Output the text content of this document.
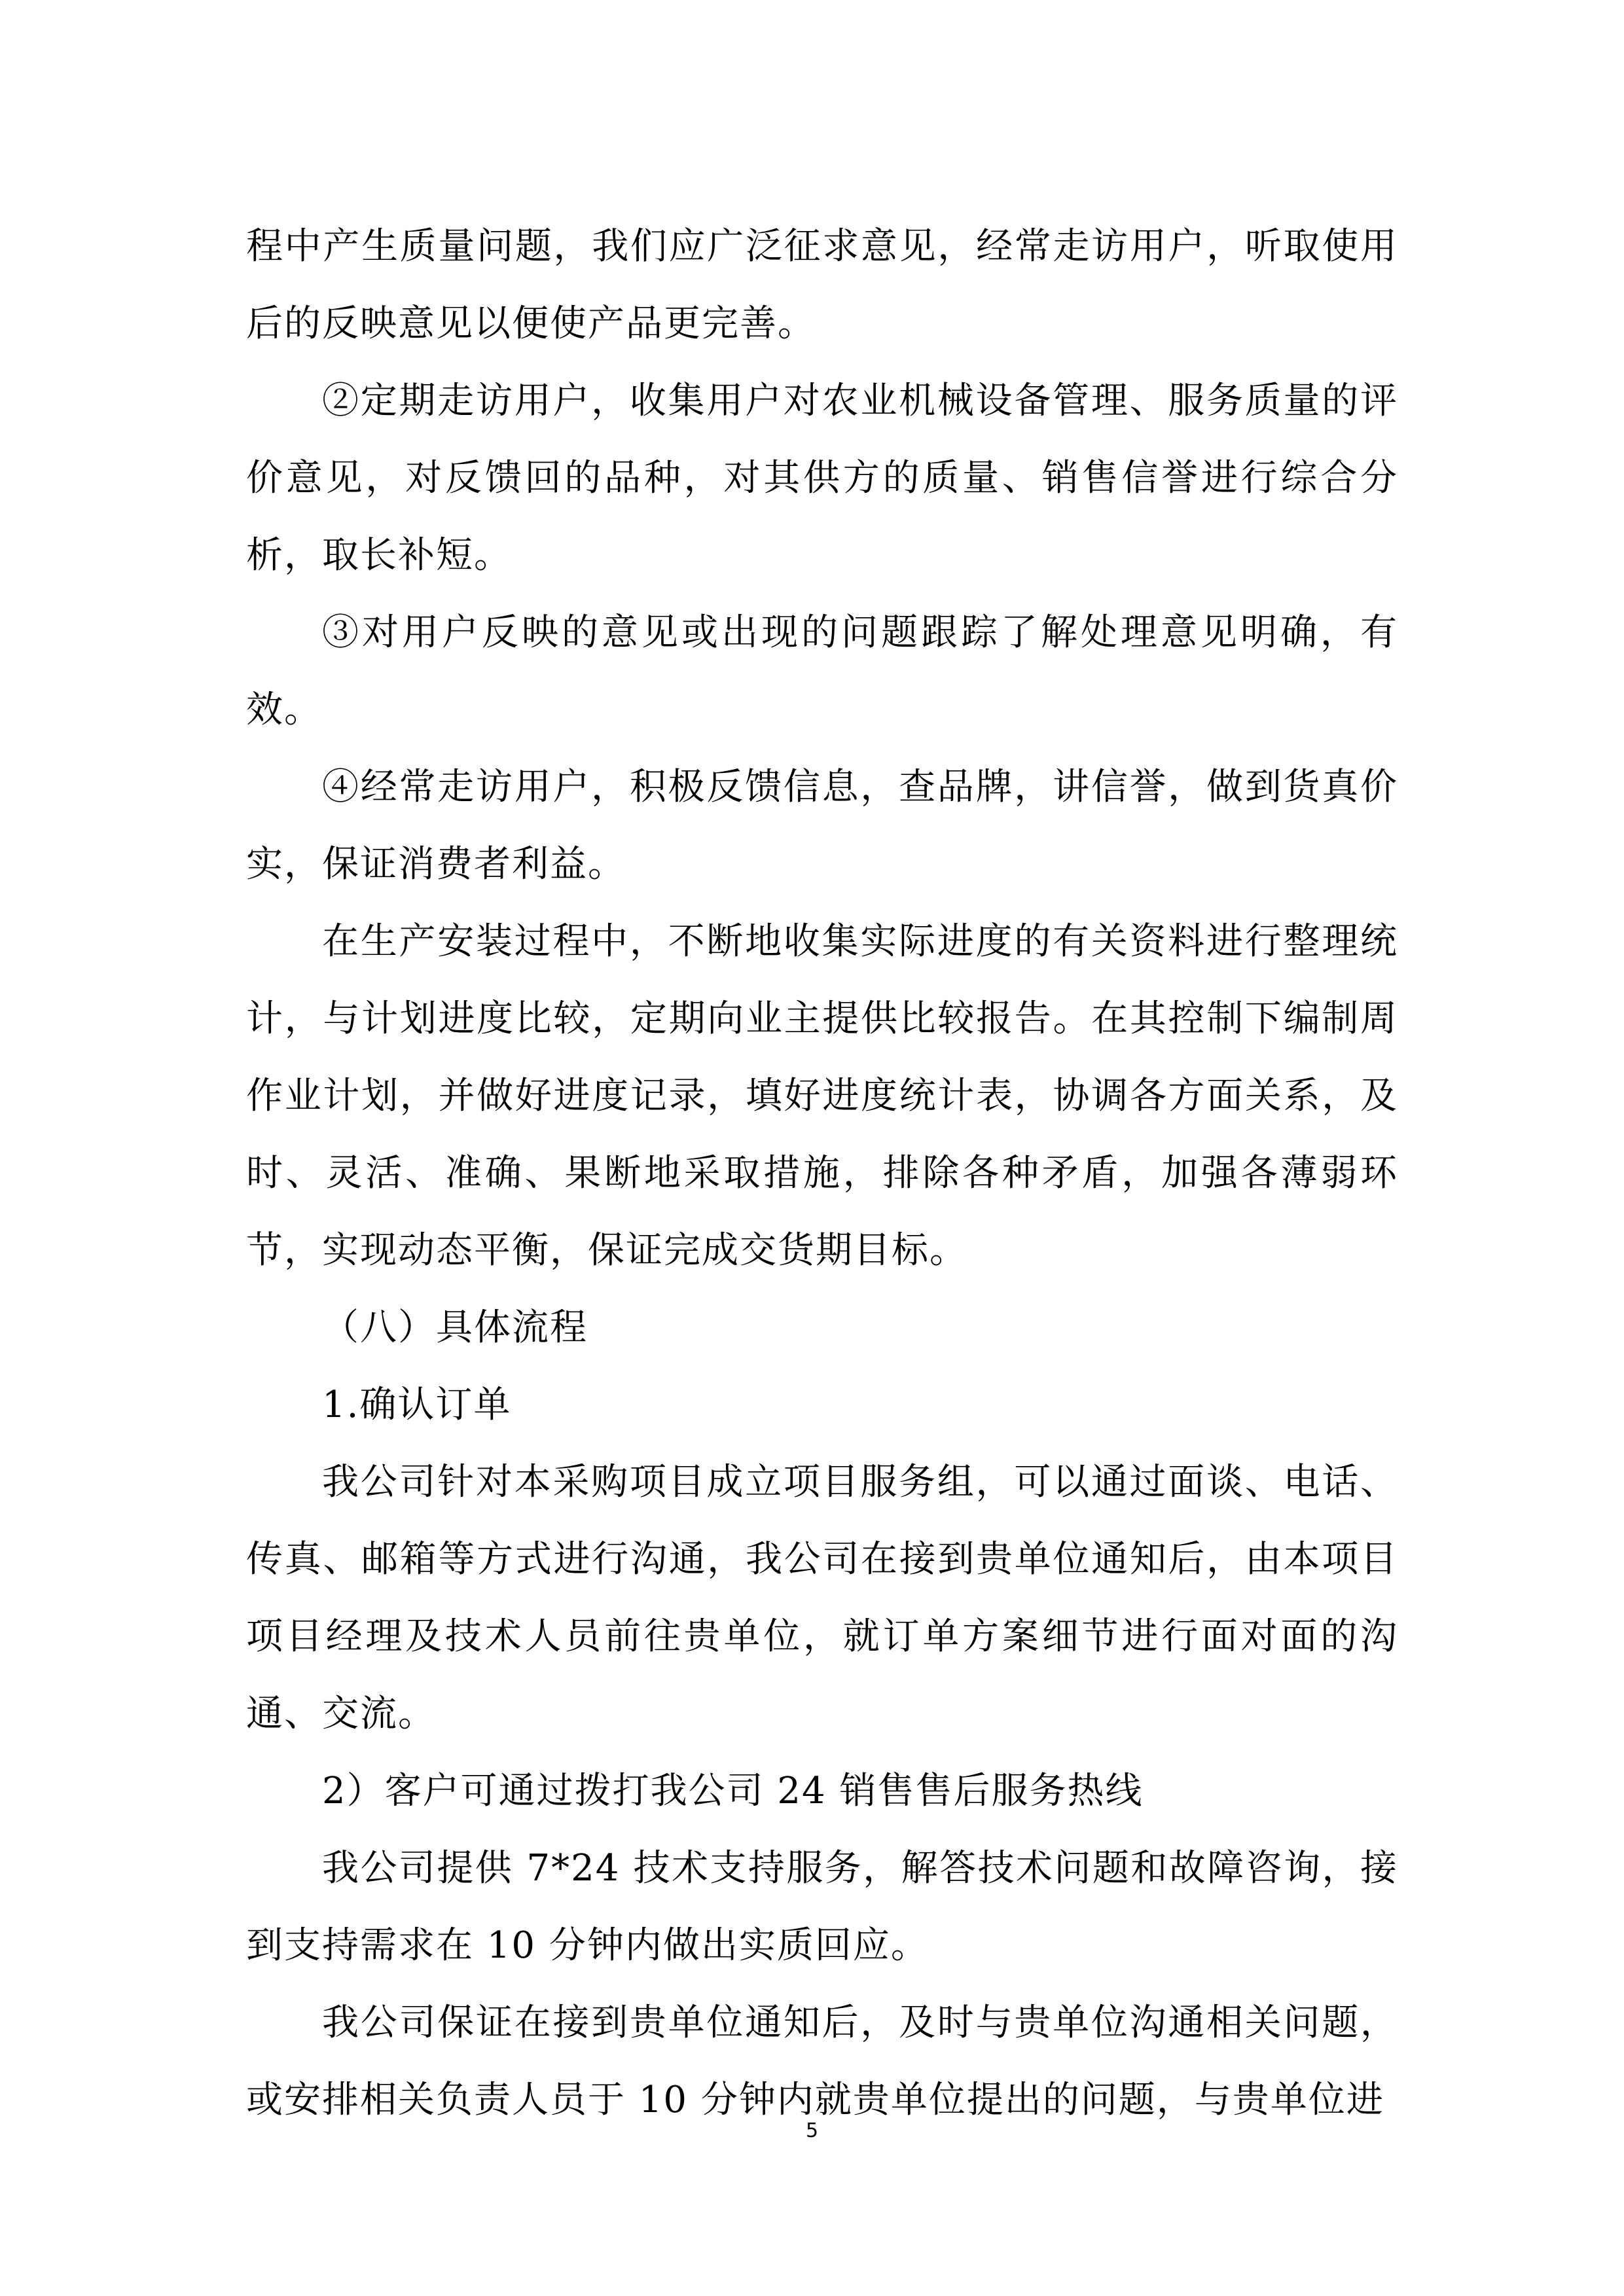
程中产生质量问题，我们应广泛征求意见，经常走访用户，听取使用后的反映意见以便使产品更完善。

②定期走访用户，收集用户对农业机械设备管理、服务质量的评价意见，对反馈回的品种，对其供方的质量、销售信誉进行综合分析，取长补短。

③对用户反映的意见或出现的问题跟踪了解处理意见明确，有效。

④经常走访用户，积极反馈信息，查品牌，讲信誉，做到货真价实，保证消费者利益。

在生产安装过程中，不断地收集实际进度的有关资料进行整理统计，与计划进度比较，定期向业主提供比较报告。在其控制下编制周作业计划，并做好进度记录，填好进度统计表，协调各方面关系，及时、灵活、准确、果断地采取措施，排除各种矛盾，加强各薄弱环节，实现动态平衡，保证完成交货期目标。

（八）具体流程

1.确认订单

我公司针对本采购项目成立项目服务组，可以通过面谈、电话、传真、邮箱等方式进行沟通，我公司在接到贵单位通知后，由本项目项目经理及技术人员前往贵单位，就订单方案细节进行面对面的沟通、交流。

2）客户可通过拨打我公司 24 销售售后服务热线

我公司提供 7*24 技术支持服务，解答技术问题和故障咨询，接到支持需求在 10 分钟内做出实质回应。

我公司保证在接到贵单位通知后，及时与贵单位沟通相关问题，或安排相关负责人员于 10 分钟内就贵单位提出的问题，与贵单位进

5
